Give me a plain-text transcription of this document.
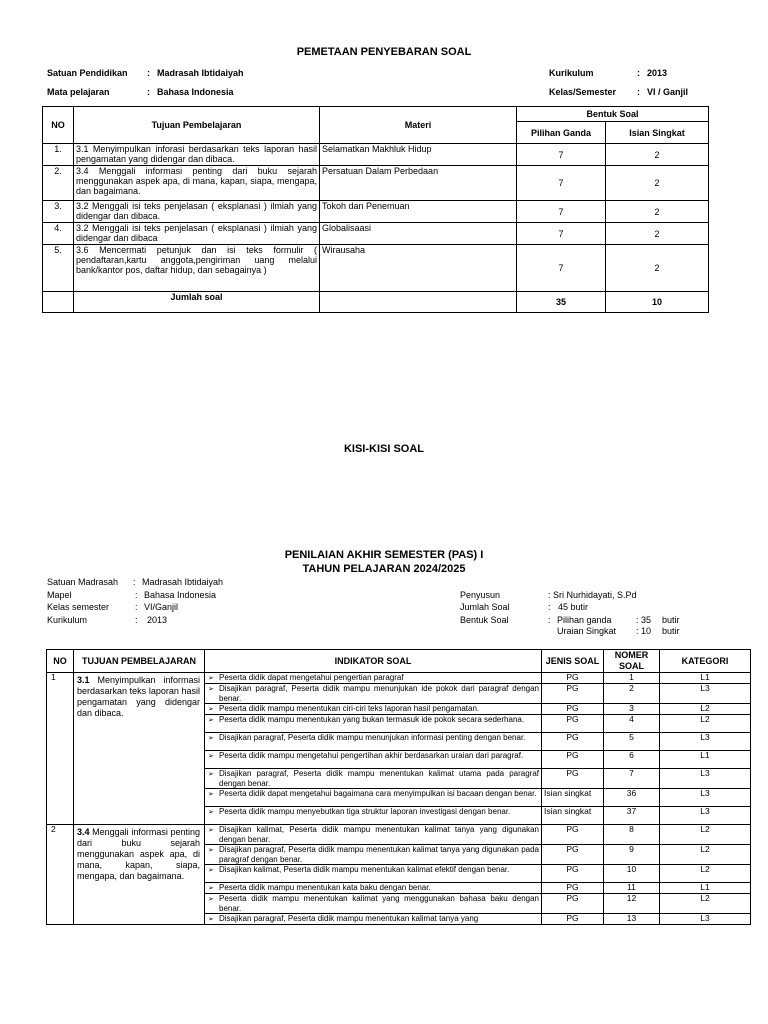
PEMETAAN PENYEBARAN SOAL
Satuan Pendidikan : Madrasah Ibtidaiyah
Mata pelajaran	: Bahasa Indonesia
Kurikulum	: 2013
Kelas/Semester : VI / Ganjil
NO	Tujuan Pembelajaran	Materi	Bentuk Soal	
			Pilihan Ganda	Isian Singkat
1.	3.1 Menyimpulkan inforasi berdasarkan teks laporan hasil pengamatan yang didengar dan dibaca.	Selamatkan Makhluk Hidup	7	2
2.	3.4 Menggali informasi penting dari buku sejarah menggunakan aspek apa, di mana, kapan, siapa, mengapa, dan bagaimana.	Persatuan Dalam Perbedaan	7	2
3.	3.2 Menggali isi teks penjelasan ( eksplanasi ) ilmiah yang didengar dan dibaca.	Tokoh dan Penemuan	7	2
4.	3.2 Menggali isi teks penjelasan ( eksplanasi ) ilmiah yang didengar dan dibaca	Globalisaasi	7	2
5.	3.6 Mencermati petunjuk dan isi teks formulir ( pendaftaran,kartu anggota,pengiriman uang melalui bank/kantor pos, daftar hidup, dan sebagainya )	Wirausaha	7	2
	Jumlah soal		35	10
KISI-KISI SOAL
PENILAIAN AKHIR SEMESTER (PAS) I
TAHUN PELAJARAN 2024/2025
Satuan Madrasah : Madrasah Ibtidaiyah
Mapel	: Bahasa Indonesia
Kelas semester	: VI/Ganjil
Kurikulum	: 2013
Penyusun	: Sri Nurhidayati, S.Pd
Jumlah Soal	: 45 butir
Bentuk Soal	: Pilihan ganda	: 35 butir
Uraian Singkat : 10 butir
NO	TUJUAN PEMBELAJARAN	INDIKATOR SOAL	JENIS SOAL	NOMER SOAL	KATEGORI
1	3.1 Menyimpulkan informasi berdasarkan teks laporan hasil pengamatan yang didengar dan dibaca.	➢ Peserta didik dapat mengetahui pengertian paragraf	PG	1	L1
		➢ Disajikan paragraf, Peserta didik mampu menunjukan ide pokok dari paragraf dengan benar.	PG	2	L3
		➢ Peserta didik mampu menentukan ciri-ciri teks laporan hasil pengamatan.	PG	3	L2
		➢ Peserta didik mampu menentukan yang bukan termasuk ide pokok secara sederhana.	PG	4	L2
		➢ Disajikan paragraf, Peserta didik mampu menunjukan informasi penting dengan benar.	PG	5	L3
		➢ Peserta didik mampu mengetahui pengertihan akhir berdasarkan uraian dari paragraf.	PG	6	L1
		➢ Disajikan paragraf, Peserta didik mampu menentukan kalimat utama pada paragraf dengan benar.	PG	7	L3
		➢ Peserta didik dapat mengetahui bagaimana cara menyimpulkan isi bacaan dengan benar.	Isian singkat	36	L3
		➢ Peserta didik mampu menyebutkan tiga struktur laporan investigasi dengan benar.	Isian singkat	37	L3
2	3.4 Menggali informasi penting dari buku sejarah menggunakan aspek apa, di mana, kapan, siapa, mengapa, dan bagaimana.	➢ Disajikan kalimat, Peserta didik mampu menentukan kalimat tanya yang digunakan dengan benar.	PG	8	L2
		➢ Disajikan paragraf, Peserta didik mampu menentukan kalimat tanya yang digunakan pada paragraf dengan benar.	PG	9	L2
		➢ Disajikan kalimat, Peserta didik mampu menentukan kalimat efektif dengan benar.	PG	10	L2
		➢ Peserta didik mampu menentukan kata baku dengan benar.	PG	11	L1
		➢ Peserta didik mampu menentukan kalimat yang menggunakan bahasa baku dengan benar.	PG	12	L2
		➢ Disajikan paragraf, Peserta didik mampu menentukan kalimat tanya yang	PG	13	L3
